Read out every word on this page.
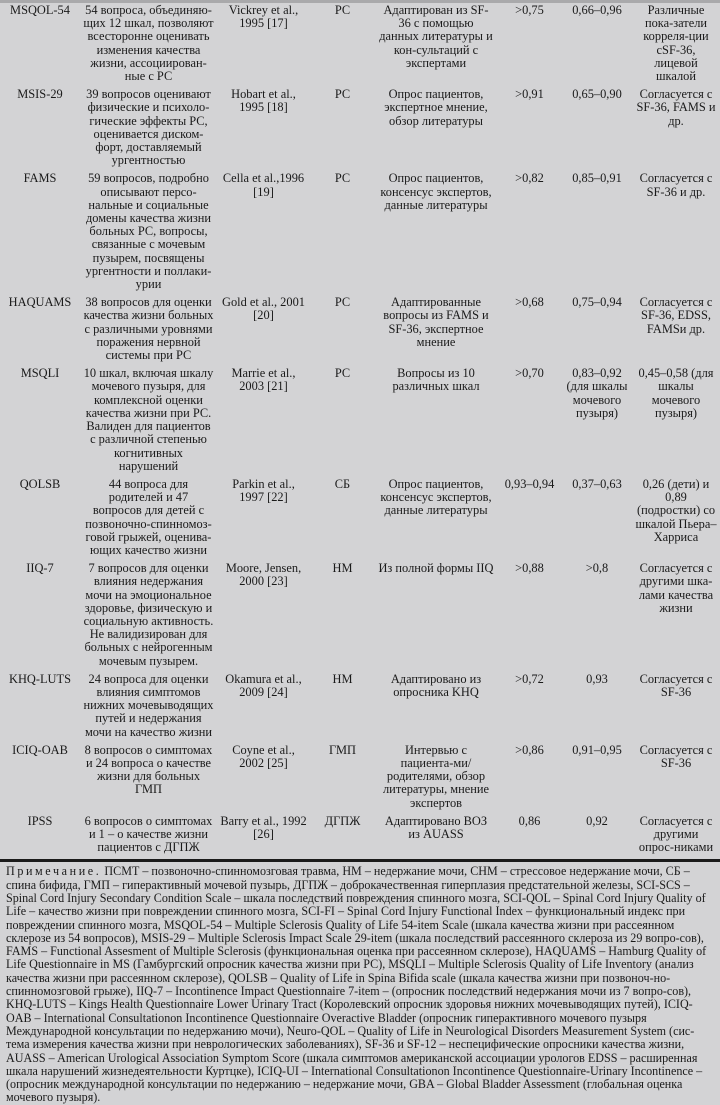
MSQOL-54	54 вопроса, объединяю-щих 12 шкал, позволяют всесторонне оценивать изменения качества жизни, ассоциирован-ные с РС	Vickrey et al., 1995 [17]	РС	Адаптирован из SF-36 с помощью данных литературы и кон-сультаций с экспертами	>0,75	0,66–0,96	Различные пока-затели корреля-ции сSF-36, лицевой шкалой
MSIS-29	39 вопросов оценивают физические и психоло-гические эффекты РС, оценивается диском-форт, доставляемый ургентностью	Hobart et al., 1995 [18]	РС	Опрос пациентов, экспертное мнение, обзор литературы	>0,91	0,65–0,90	Согласуется с SF-36, FAMS и др.
FAMS	59 вопросов, подробно описывают персо-нальные и социальные домены качества жизни больных РС, вопросы, связанные с мочевым пузырем, посвящены ургентности и поллаки-урии	Cella et al.,1996 [19]	РС	Опрос пациентов, консенсус экспертов, данные литературы	>0,82	0,85–0,91	Согласуется с SF-36 и др.
HAQUAMS	38 вопросов для оценки качества жизни больных с различными уровнями поражения нервной системы при РС	Gold et al., 2001 [20]	РС	Адаптированные вопросы из FAMS и SF-36, экспертное мнение	>0,68	0,75–0,94	Согласуется с SF-36, EDSS, FAMSи др.
MSQLI	10 шкал, включая шкалу мочевого пузыря, для комплексной оценки качества жизни при РС. Валиден для пациентов с различной степенью когнитивных нарушений	Marrie et al., 2003 [21]	РС	Вопросы из 10 различных шкал	>0,70	0,83–0,92 (для шкалы мочевого пузыря)	0,45–0,58 (для шкалы мочевого пузыря)
QOLSB	44 вопроса для родителей и 47 вопросов для детей с позвоночно-спинномоз-говой грыжей, оценива-ющих качество жизни	Parkin et al., 1997 [22]	СБ	Опрос пациентов, консенсус экспертов, данные литературы	0,93–0,94	0,37–0,63	0,26 (дети) и 0,89 (подростки) со шкалой Пьера–Харриса
IIQ-7	7 вопросов для оценки влияния недержания мочи на эмоциональное здоровье, физическую и социальную активность. Не валидизирован для больных с нейрогенным мочевым пузырем.	Moore, Jensen, 2000 [23]	НМ	Из полной формы IIQ	>0,88	>0,8	Согласуется с другими шка-лами качества жизни
KHQ-LUTS	24 вопроса для оценки влияния симптомов нижних мочевыводящих путей и недержания мочи на качество жизни	Okamura et al., 2009 [24]	НМ	Адаптировано из опросника KHQ	>0,72	0,93	Согласуется с SF-36
ICIQ-OAB	8 вопросов о симптомах и 24 вопроса о качестве жизни для больных ГМП	Coyne et al., 2002 [25]	ГМП	Интервью с пациента-ми/родителями, обзор литературы, мнение экспертов	>0,86	0,91–0,95	Согласуется с SF-36
IPSS	6 вопросов о симптомах и 1 – о качестве жизни пациентов с ДГПЖ	Barry et al., 1992 [26]	ДГПЖ	Адаптировано ВОЗ из AUASS	0,86	0,92	Согласуется с другими опрос-никами
Примечание. ПСМТ – позвоночно-спинномозговая травма, НМ – недержание мочи, СНМ – стрессовое недержание мочи, СБ – спина бифида, ГМП – гиперактивный мочевой пузырь, ДГПЖ – доброкачественная гиперплазия предстательной железы, SCI-SCS – Spinal Cord Injury Secondary Condition Scale – шкала последствий повреждения спинного мозга, SCI-QOL – Spinal Cord Injury Quality of Life – качество жизни при повреждении спинного мозга, SCI-FI – Spinal Cord Injury Functional Index – функциональный индекс при повреждении спинного мозга, MSQOL-54 – Multiple Sclerosis Quality of Life 54-item Scale (шкала качества жизни при рассеянном склерозе из 54 вопросов), MSIS-29 – Multiple Sclerosis Impact Scale 29-item (шкала последствий рассеянного склероза из 29 вопро-сов), FAMS – Functional Assesment of Multiple Sclerosis (функциональная оценка при рассеянном склерозе), HAQUAMS – Hamburg Quality of Life Questionnaire in MS (Гамбургский опросник качества жизни при РС), MSQLI – Multiple Sclerosis Quality of Life Inventory (анализ качества жизни при рассеянном склерозе), QOLSB – Quality of Life in Spina Bifida scale (шкала качества жизни при позвоноч-но-спинномозговой грыже), IIQ-7 – Incontinence Impact Questionnaire 7-item – (опросник последствий недержания мочи из 7 вопро-сов), KHQ-LUTS – Kings Health Questionnaire Lower Urinary Tract (Королевский опросник здоровья нижних мочевыводящих путей), ICIQ-OAB – International Consultationon Incontinence Questionnaire Overactive Bladder (опросник гиперактивного мочевого пузыря Международной консультации по недержанию мочи), Neuro-QOL – Quality of Life in Neurological Disorders Measurement System (сис-тема измерения качества жизни при неврологических заболеваниях), SF-36 и SF-12 – неспецифические опросники качества жизни, AUASS – American Urological Association Symptom Score (шкала симптомов американской ассоциации урологов EDSS – расширенная шкала нарушений жизнедеятельности Куртцке), ICIQ-UI – International Consultationon Incontinence Questionnaire-Urinary Incontinence – (опросник международной консультации по недержанию – недержание мочи, GBA – Global Bladder Assessment (глобальная оценка мочевого пузыря).
